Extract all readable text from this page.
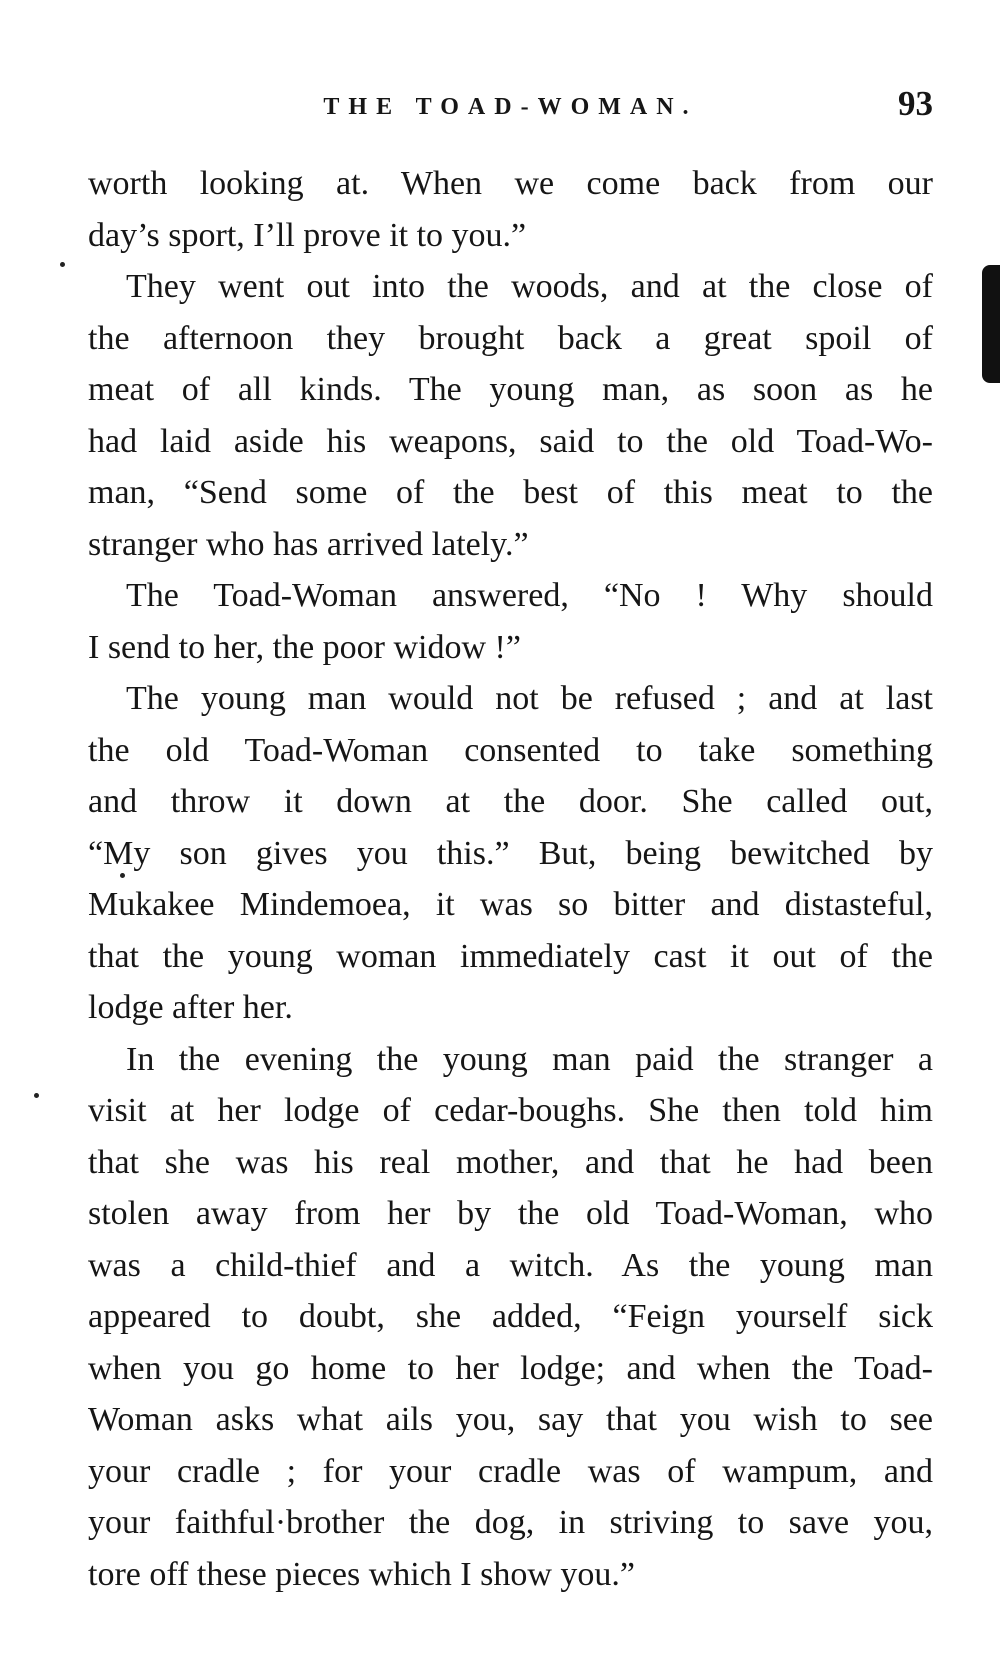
THE TOAD-WOMAN.	93
worth looking at. When we come back from our
day’s sport, I’ll prove it to you.”
They went out into the woods, and at the close of
the afternoon they brought back a great spoil of
meat of all kinds. The young man, as soon as he
had laid aside his weapons, said to the old Toad-Wo-
man, “Send some of the best of this meat to the
stranger who has arrived lately.”
The Toad-Woman answered, “No ! Why should
I send to her, the poor widow !”
The young man would not be refused ; and at last
the old Toad-Woman consented to take something
and throw it down at the door. She called out,
“My son gives you this.” But, being bewitched by
Mukakee Mindemoea, it was so bitter and distasteful,
that the young woman immediately cast it out of the
lodge after her.
In the evening the young man paid the stranger a
visit at her lodge of cedar-boughs. She then told him
that she was his real mother, and that he had been
stolen away from her by the old Toad-Woman, who
was a child-thief and a witch. As the young man
appeared to doubt, she added, “Feign yourself sick
when you go home to her lodge; and when the Toad-
Woman asks what ails you, say that you wish to see
your cradle ; for your cradle was of wampum, and
your faithful·brother the dog, in striving to save you,
tore off these pieces which I show you.”
